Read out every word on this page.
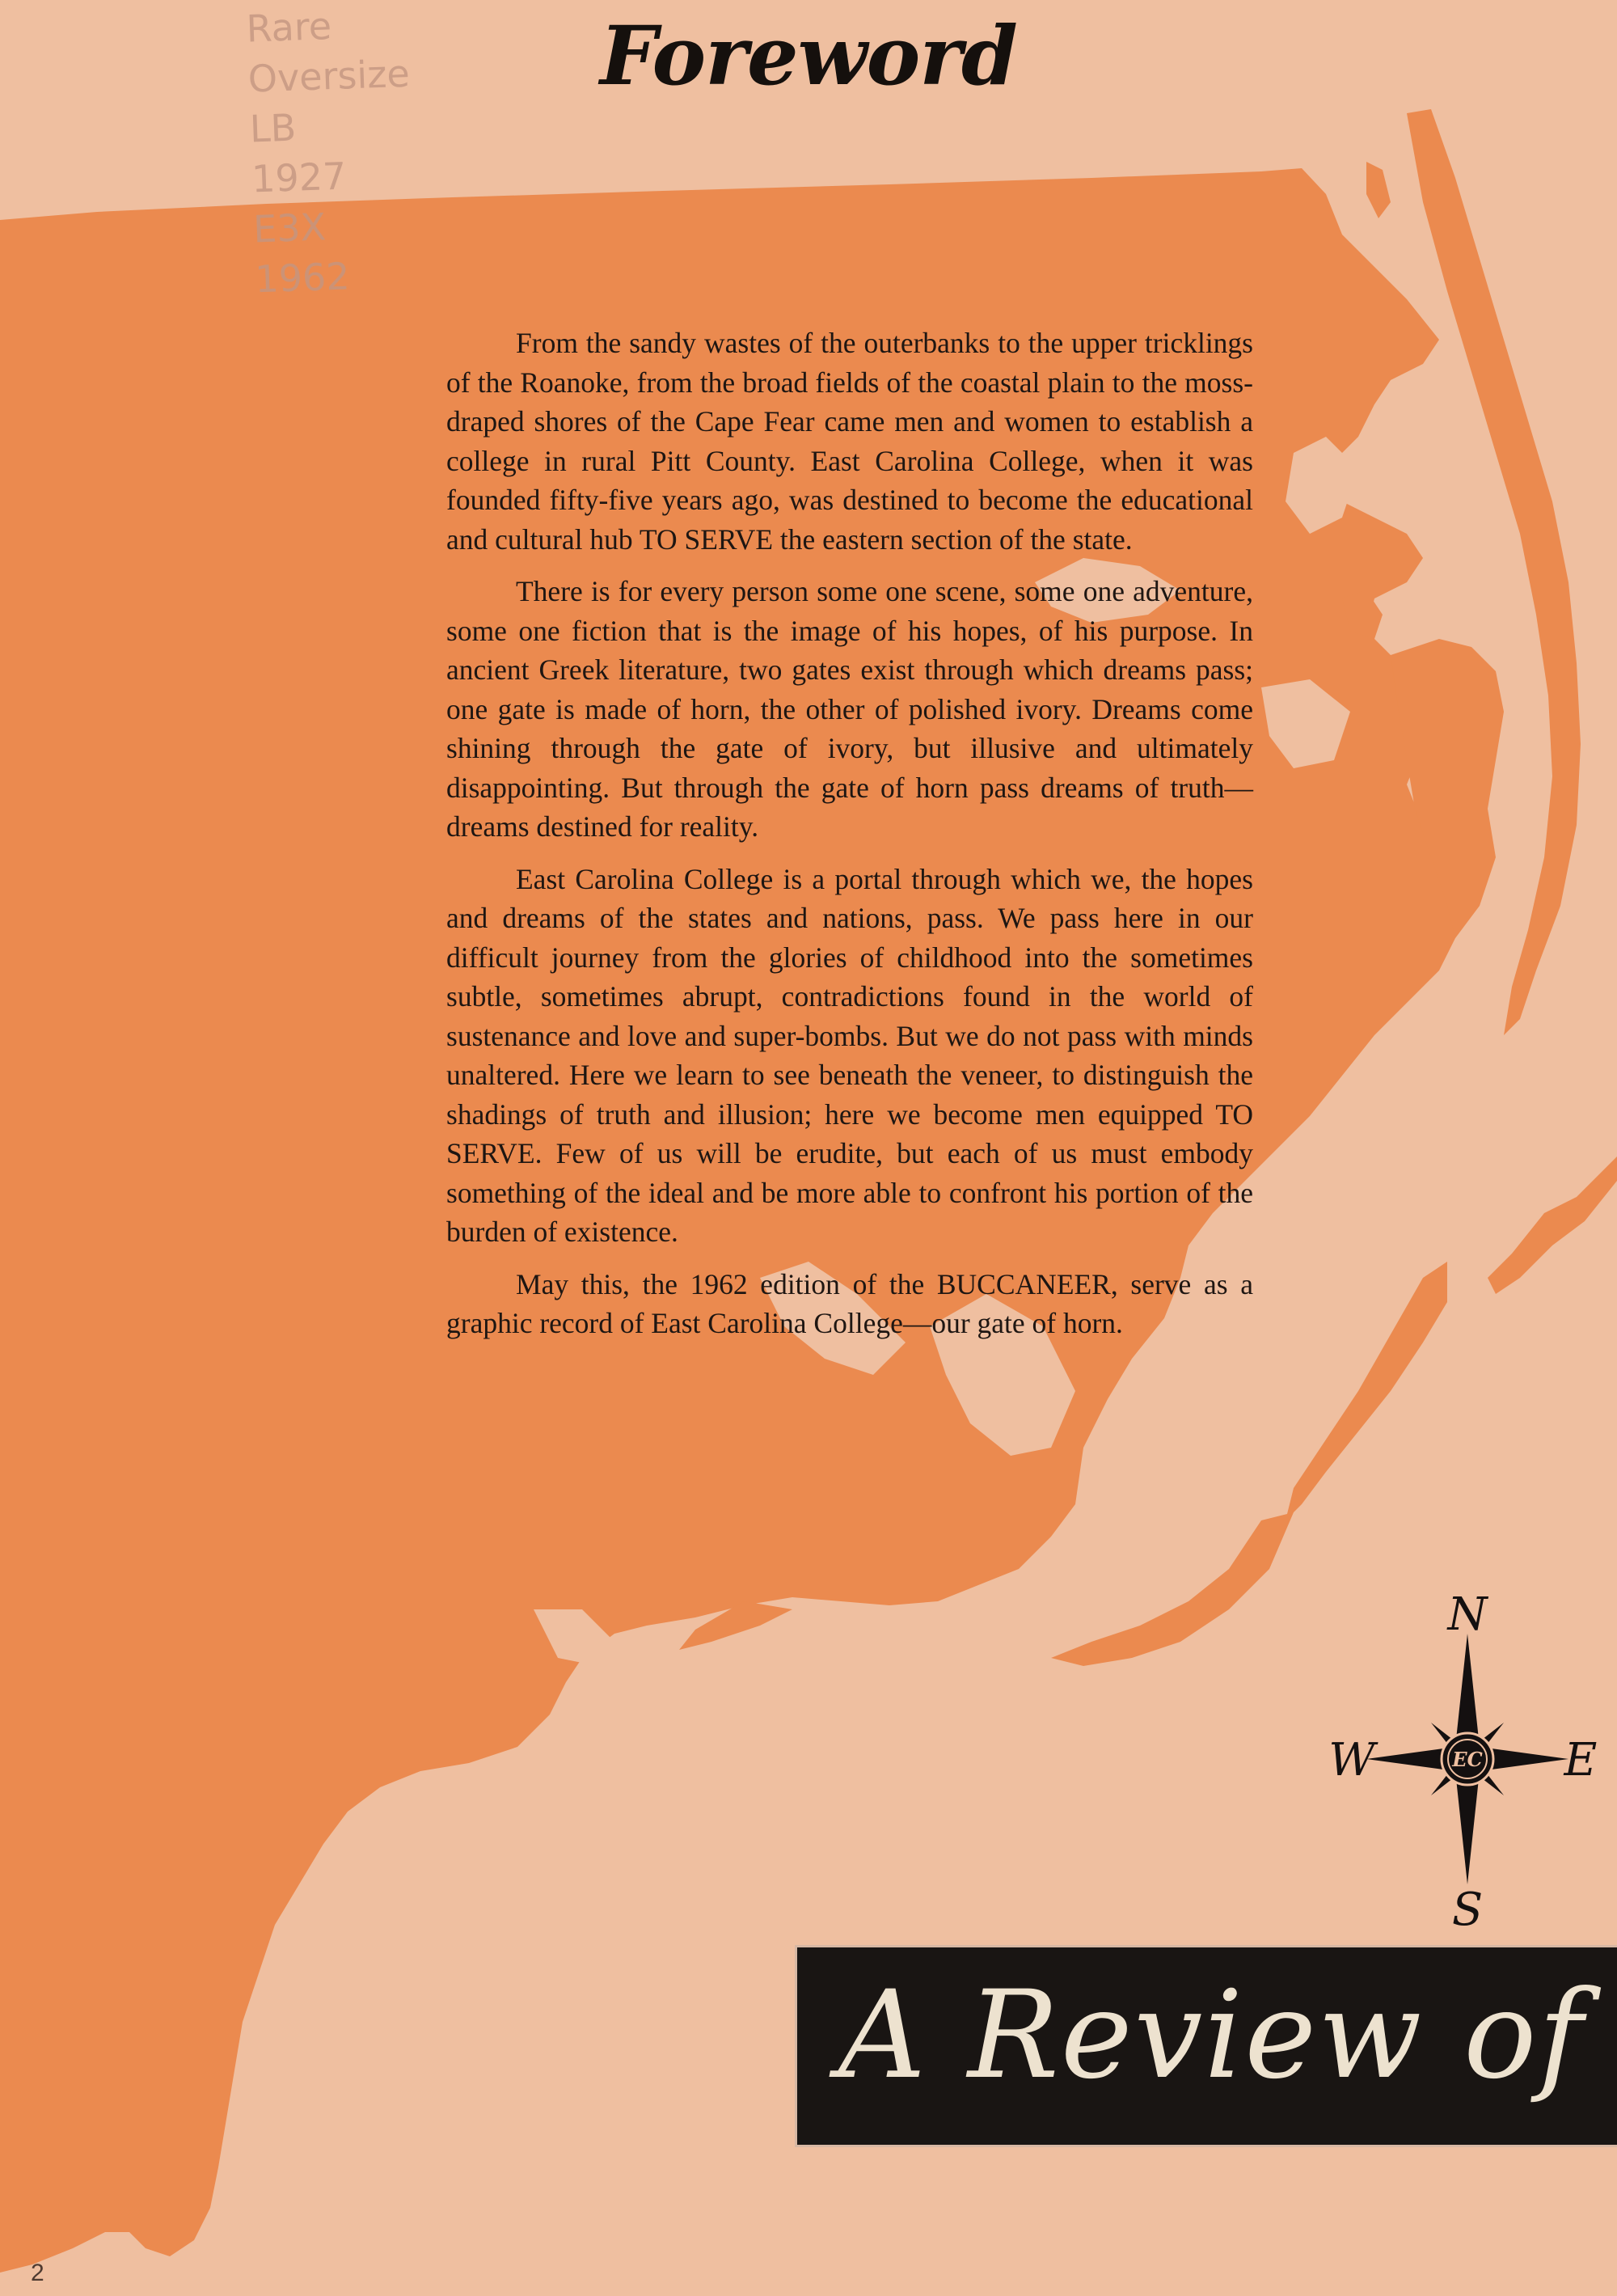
Rare
Oversize
LB
1927
E3X
1962
Foreword

From the sandy wastes of the outerbanks to the upper tricklings of the Roanoke, from the broad fields of the coastal plain to the moss-draped shores of the Cape Fear came men and women to establish a college in rural Pitt County. East Carolina College, when it was founded fifty-five years ago, was destined to become the educational and cultural hub TO SERVE the eastern section of the state.

There is for every person some one scene, some one adventure, some one fiction that is the image of his hopes, of his purpose. In ancient Greek literature, two gates exist through which dreams pass; one gate is made of horn, the other of polished ivory. Dreams come shining through the gate of ivory, but illusive and ultimately disappointing. But through the gate of horn pass dreams of truth—dreams destined for reality.

East Carolina College is a portal through which we, the hopes and dreams of the states and nations, pass. We pass here in our difficult journey from the glories of childhood into the sometimes subtle, sometimes abrupt, contradictions found in the world of sustenance and love and super-bombs. But we do not pass with minds unaltered. Here we learn to see beneath the veneer, to distinguish the shadings of truth and illusion; here we become men equipped TO SERVE. Few of us will be erudite, but each of us must embody something of the ideal and be more able to confront his portion of the burden of existence.

May this, the 1962 edition of the BUCCANEER, serve as a graphic record of East Carolina College—our gate of horn.

EC
N
S
W	E
A Review of
2
